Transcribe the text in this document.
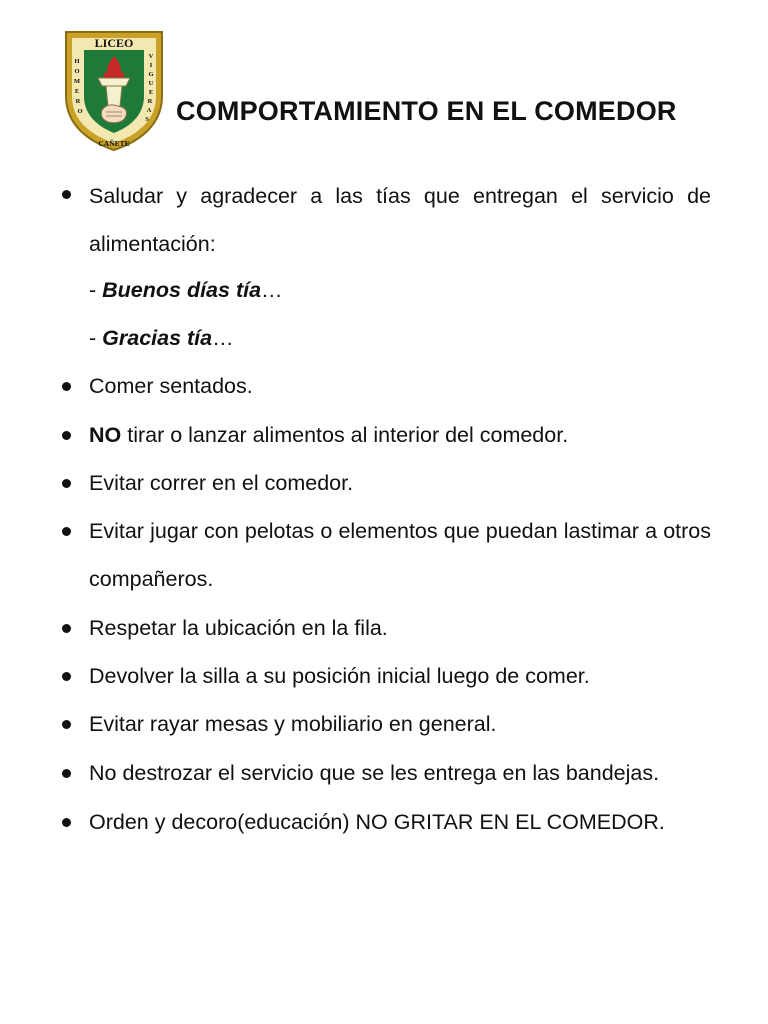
LICEO
H
O
M
E
R
O
V
I
G
U
E
R
A
S
CAÑETE
COMPORTAMIENTO EN EL COMEDOR
Saludar y agradecer a las tías que entregan el servicio de alimentación:
- Buenos días tía…
- Gracias tía…
Comer sentados.
NO tirar o lanzar alimentos al interior del comedor.
Evitar correr en el comedor.
Evitar jugar con pelotas o elementos que puedan lastimar a otros compañeros.
Respetar la ubicación en la fila.
Devolver la silla a su posición inicial luego de comer.
Evitar rayar mesas y mobiliario en general.
No destrozar el servicio que se les entrega en las bandejas.
Orden y decoro(educación) NO GRITAR EN EL COMEDOR.
